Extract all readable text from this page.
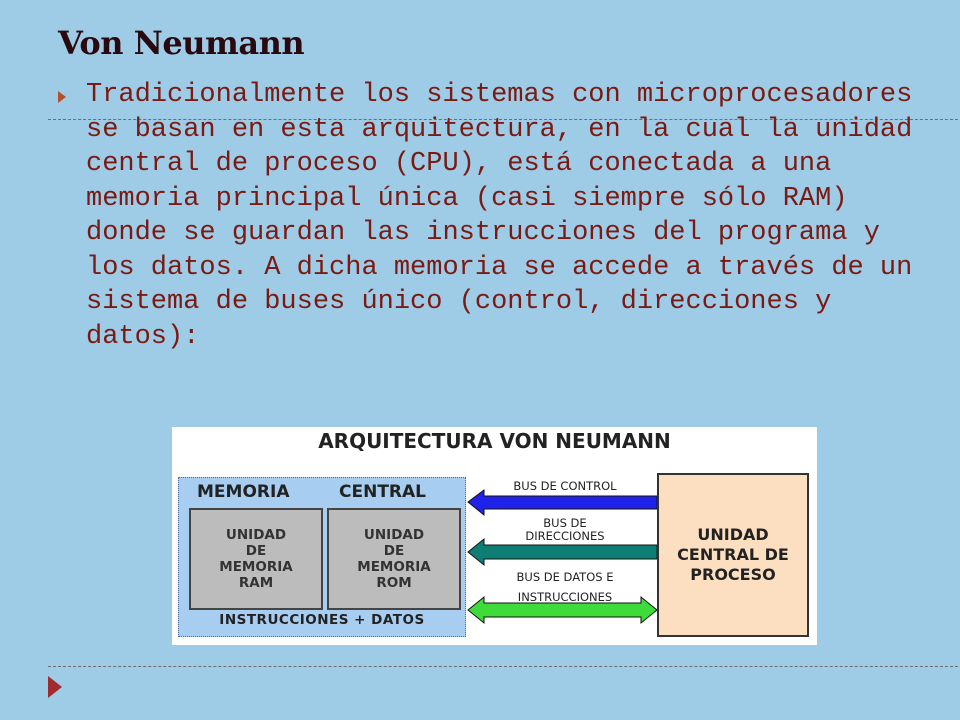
Von Neumann

Tradicionalmente los sistemas con microprocesadores se basan en esta arquitectura, en la cual la unidad central de proceso (CPU), está conectada a una memoria principal única (casi siempre sólo RAM) donde se guardan las instrucciones del programa y los datos. A dicha memoria se accede a través de un sistema de buses único (control, direcciones y datos):

ARQUITECTURA VON NEUMANN
MEMORIA	CENTRAL
UNIDAD
DE
MEMORIA
RAM
UNIDAD
DE
MEMORIA
ROM
INSTRUCCIONES + DATOS
BUS DE CONTROL
BUS DE
DIRECCIONES
BUS DE DATOS E
INSTRUCCIONES
UNIDAD
CENTRAL DE
PROCESO
